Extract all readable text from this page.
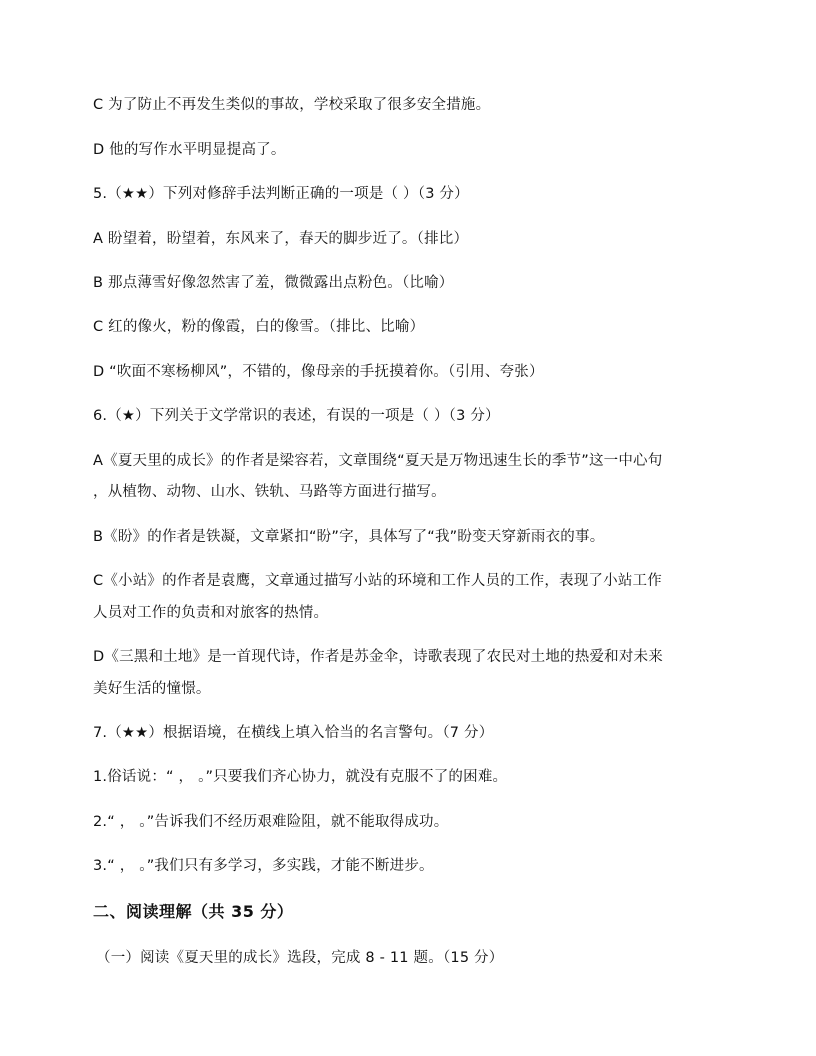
C 为了防止不再发生类似的事故，学校采取了很多安全措施。
D 他的写作水平明显提高了。
5.（★★）下列对修辞手法判断正确的一项是（ ）（3 分）
A 盼望着，盼望着，东风来了，春天的脚步近了。（排比）
B 那点薄雪好像忽然害了羞，微微露出点粉色。（比喻）
C 红的像火，粉的像霞，白的像雪。（排比、比喻）
D “吹面不寒杨柳风”，不错的，像母亲的手抚摸着你。（引用、夸张）
6.（★）下列关于文学常识的表述，有误的一项是（ ）（3 分）
A《夏天里的成长》的作者是梁容若，文章围绕“夏天是万物迅速生长的季节”这一中心句
，从植物、动物、山水、铁轨、马路等方面进行描写。
B《盼》的作者是铁凝，文章紧扣“盼”字，具体写了“我”盼变天穿新雨衣的事。
C《小站》的作者是袁鹰，文章通过描写小站的环境和工作人员的工作，表现了小站工作
人员对工作的负责和对旅客的热情。
D《三黑和土地》是一首现代诗，作者是苏金伞，诗歌表现了农民对土地的热爱和对未来
美好生活的憧憬。
7.（★★）根据语境，在横线上填入恰当的名言警句。（7 分）
1.俗话说：“ ， 。”只要我们齐心协力，就没有克服不了的困难。
2.“ ， 。”告诉我们不经历艰难险阻，就不能取得成功。
3.“ ， 。”我们只有多学习，多实践，才能不断进步。
二、阅读理解（共 35 分）
（一）阅读《夏天里的成长》选段，完成 8 - 11 题。（15 分）
